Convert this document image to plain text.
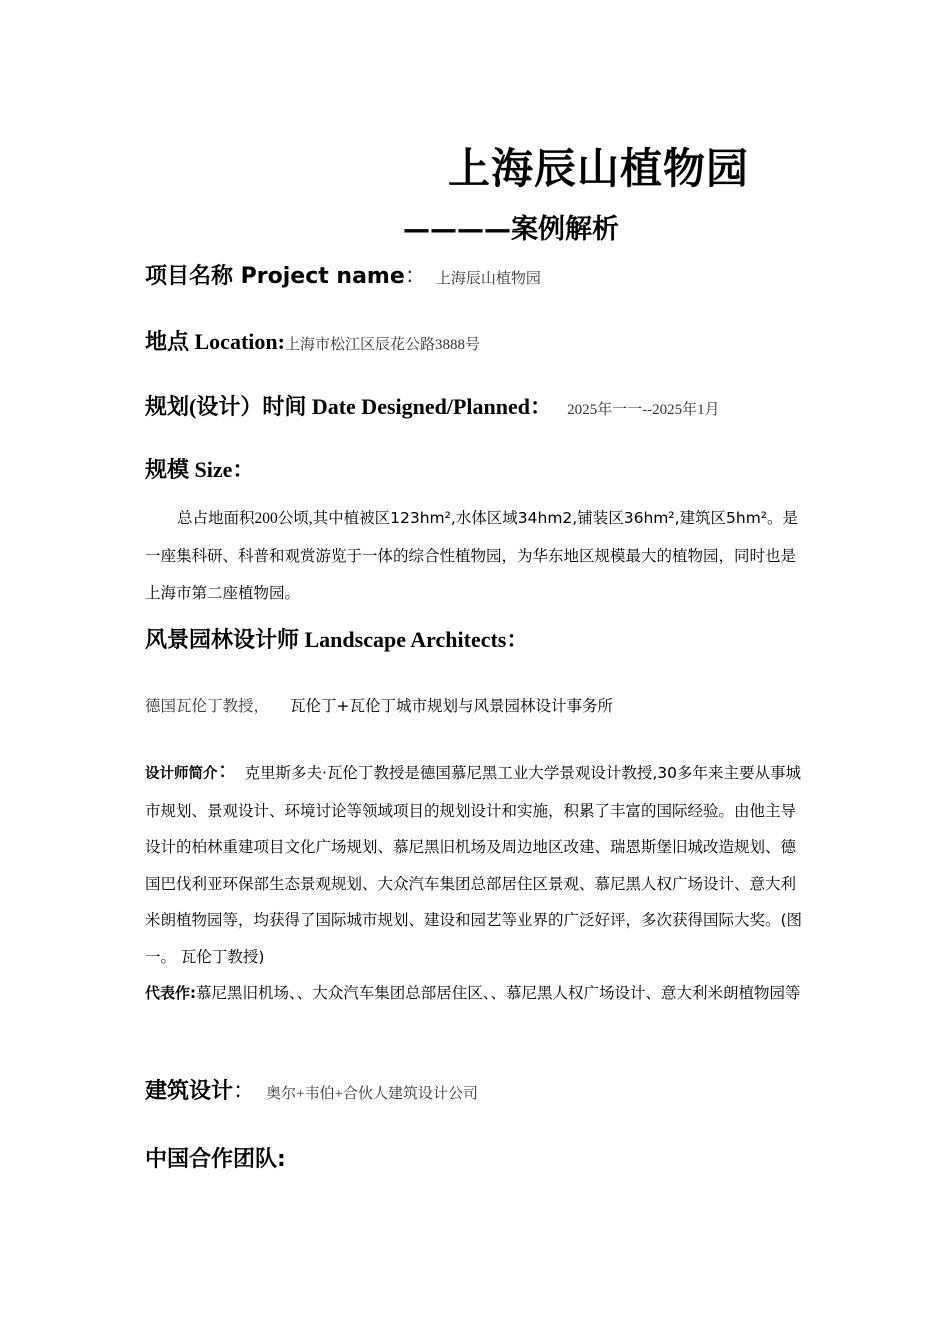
上海辰山植物园
————案例解析
项目名称 Project name： 上海辰山植物园
地点 Location:上海市松江区辰花公路3888号
规划(设计）时间 Date Designed/Planned： 2025年一一--2025年1月
规模 Size：
总占地面积200公顷,其中植被区123hm²,水体区域34hm2,铺装区36hm²,建筑区5hm²。是一座集科研、科普和观赏游览于一体的综合性植物园，为华东地区规模最大的植物园，同时也是上海市第二座植物园。
风景园林设计师 Landscape Architects：
德国瓦伦丁教授， 瓦伦丁+瓦伦丁城市规划与风景园林设计事务所
设计师简介： 克里斯多夫·瓦伦丁教授是德国慕尼黑工业大学景观设计教授,30多年来主要从事城市规划、景观设计、环境讨论等领域项目的规划设计和实施，积累了丰富的国际经验。由他主导设计的柏林重建项目文化广场规划、慕尼黑旧机场及周边地区改建、瑞恩斯堡旧城改造规划、德国巴伐利亚环保部生态景观规划、大众汽车集团总部居住区景观、慕尼黑人权广场设计、意大利米朗植物园等，均获得了国际城市规划、建设和园艺等业界的广泛好评，多次获得国际大奖。(图一。 瓦伦丁教授)
代表作:慕尼黑旧机场、、大众汽车集团总部居住区、、慕尼黑人权广场设计、意大利米朗植物园等
建筑设计： 奥尔+韦伯+合伙人建筑设计公司
中国合作团队:
